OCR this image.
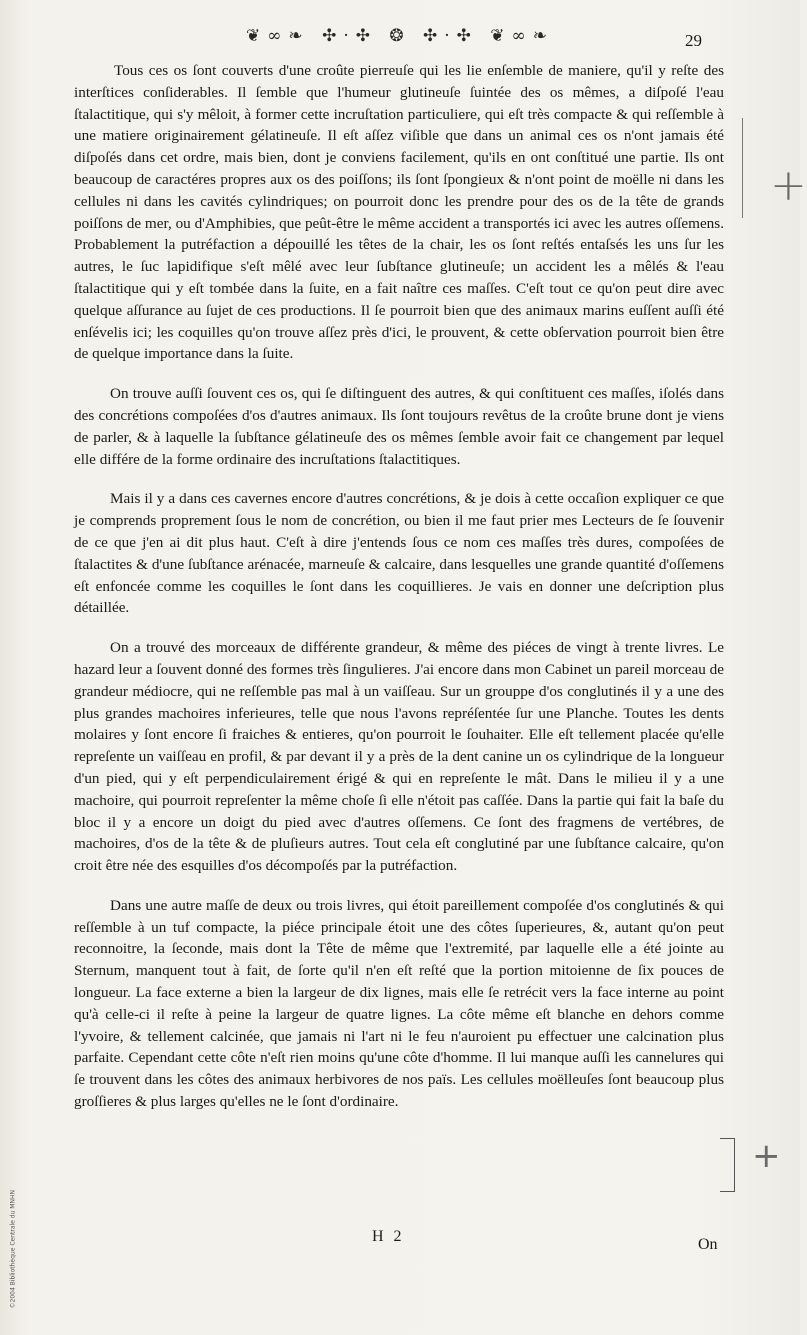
❦∞❧ ✣·✣ ❂ ✣·✣ ❦∞❧	29

Tous ces os ſont couverts d'une croûte pierreuſe qui les lie enſemble de maniere, qu'il y reſte des interſtices conſiderables. Il ſemble que l'humeur glutineuſe ſuintée des os mêmes, a diſpoſé l'eau ſtalactitique, qui s'y mêloit, à former cette incruſtation particuliere, qui eſt très compacte & qui reſſemble à une matiere originairement gélatineuſe. Il eſt aſſez viſible que dans un animal ces os n'ont jamais été diſpoſés dans cet ordre, mais bien, dont je conviens facilement, qu'ils en ont conſtitué une partie. Ils ont beaucoup de caractéres propres aux os des poiſſons; ils ſont ſpongieux & n'ont point de moëlle ni dans les cellules ni dans les cavités cylindriques; on pourroit donc les prendre pour des os de la tête de grands poiſſons de mer, ou d'Amphibies, que peût-être le même accident a transportés ici avec les autres oſſemens. Probablement la putréfaction a dépouillé les têtes de la chair, les os ſont reſtés entaſsés les uns ſur les autres, le ſuc lapidifique s'eſt mêlé avec leur ſubſtance glutineuſe; un accident les a mêlés & l'eau ſtalactitique qui y eſt tombée dans la ſuite, en a fait naître ces maſſes. C'eſt tout ce qu'on peut dire avec quelque aſſurance au ſujet de ces productions. Il ſe pourroit bien que des animaux marins euſſent auſſi été enſévelis ici; les coquilles qu'on trouve aſſez près d'ici, le prouvent, & cette obſervation pourroit bien être de quelque importance dans la ſuite.

On trouve auſſi ſouvent ces os, qui ſe diſtinguent des autres, & qui conſtituent ces maſſes, iſolés dans des concrétions compoſées d'os d'autres animaux. Ils ſont toujours revêtus de la croûte brune dont je viens de parler, & à laquelle la ſubſtance gélatineuſe des os mêmes ſemble avoir fait ce changement par lequel elle différe de la forme ordinaire des incruſtations ſtalactitiques.

Mais il y a dans ces cavernes encore d'autres concrétions, & je dois à cette occaſion expliquer ce que je comprends proprement ſous le nom de concrétion, ou bien il me faut prier mes Lecteurs de ſe ſouvenir de ce que j'en ai dit plus haut. C'eſt à dire j'entends ſous ce nom ces maſſes très dures, compoſées de ſtalactites & d'une ſubſtance arénacée, marneuſe & calcaire, dans lesquelles une grande quantité d'oſſemens eſt enfoncée comme les coquilles le ſont dans les coquillieres. Je vais en donner une deſcription plus détaillée.

On a trouvé des morceaux de différente grandeur, & même des piéces de vingt à trente livres. Le hazard leur a ſouvent donné des formes très ſingulieres. J'ai encore dans mon Cabinet un pareil morceau de grandeur médiocre, qui ne reſſemble pas mal à un vaiſſeau. Sur un grouppe d'os conglutinés il y a une des plus grandes machoires inferieures, telle que nous l'avons repréſentée ſur une Planche. Toutes les dents molaires y ſont encore ſi fraiches & entieres, qu'on pourroit le ſouhaiter. Elle eſt tellement placée qu'elle repreſente un vaiſſeau en profil, & par devant il y a près de la dent canine un os cylindrique de la longueur d'un pied, qui y eſt perpendiculairement érigé & qui en repreſente le mât. Dans le milieu il y a une machoire, qui pourroit repreſenter la même choſe ſi elle n'étoit pas caſſée. Dans la partie qui fait la baſe du bloc il y a encore un doigt du pied avec d'autres oſſemens. Ce ſont des fragmens de vertébres, de machoires, d'os de la tête & de pluſieurs autres. Tout cela eſt conglutiné par une ſubſtance calcaire, qu'on croit être née des esquilles d'os décompoſés par la putréfaction.

Dans une autre maſſe de deux ou trois livres, qui étoit pareillement compoſée d'os conglutinés & qui reſſemble à un tuf compacte, la piéce principale étoit une des côtes ſuperieures, &, autant qu'on peut reconnoitre, la ſeconde, mais dont la Tête de même que l'extremité, par laquelle elle a été jointe au Sternum, manquent tout à fait, de ſorte qu'il n'en eſt reſté que la portion mitoienne de ſix pouces de longueur. La face externe a bien la largeur de dix lignes, mais elle ſe retrécit vers la face interne au point qu'à celle-ci il reſte à peine la largeur de quatre lignes. La côte même eſt blanche en dehors comme l'yvoire, & tellement calcinée, que jamais ni l'art ni le feu n'auroient pu effectuer une calcination plus parfaite. Cependant cette côte n'eſt rien moins qu'une côte d'homme. Il lui manque auſſi les cannelures qui ſe trouvent dans les côtes des animaux herbivores de nos païs. Les cellules moëlleuſes ſont beaucoup plus groſſieres & plus larges qu'elles ne le ſont d'ordinaire.

H 2	On
©2004 Bibliothèque Centrale du MNHN
+
+
